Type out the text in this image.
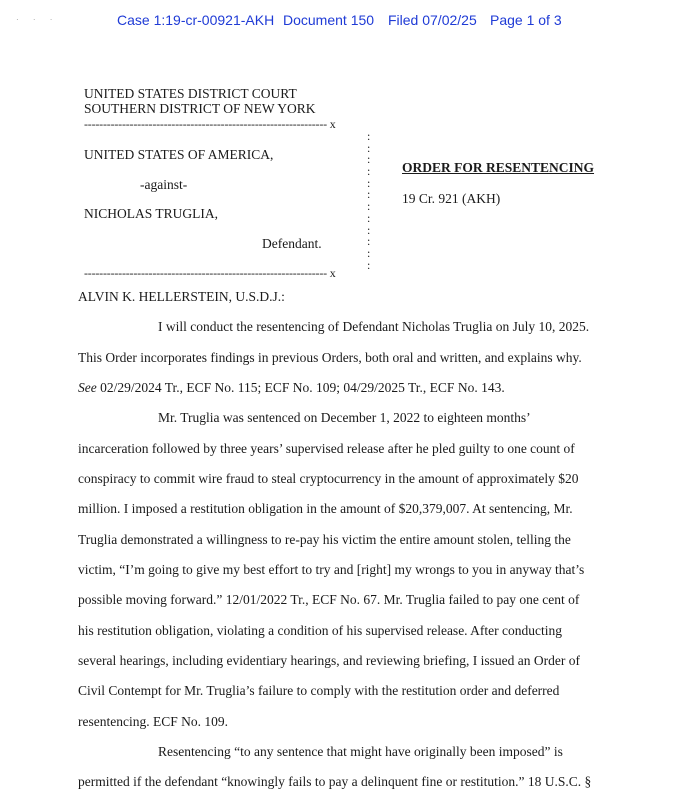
· · ·	Case 1:19-cr-00921-AKH Document 150 Filed 07/02/25 Page 1 of 3
UNITED STATES DISTRICT COURT
SOUTHERN DISTRICT OF NEW YORK
---------------------------------------------------------------- x
:
:
:
:
:
:
:
:
:
:
:
:
UNITED STATES OF AMERICA,
-against-
NICHOLAS TRUGLIA,
Defendant.
---------------------------------------------------------------- x
ORDER FOR RESENTENCING
19 Cr. 921 (AKH)
ALVIN K. HELLERSTEIN, U.S.D.J.:
I will conduct the resentencing of Defendant Nicholas Truglia on July 10, 2025.
This Order incorporates findings in previous Orders, both oral and written, and explains why.
See 02/29/2024 Tr., ECF No. 115; ECF No. 109; 04/29/2025 Tr., ECF No. 143.
Mr. Truglia was sentenced on December 1, 2022 to eighteen months’
incarceration followed by three years’ supervised release after he pled guilty to one count of
conspiracy to commit wire fraud to steal cryptocurrency in the amount of approximately $20
million. I imposed a restitution obligation in the amount of $20,379,007. At sentencing, Mr.
Truglia demonstrated a willingness to re-pay his victim the entire amount stolen, telling the
victim, “I’m going to give my best effort to try and [right] my wrongs to you in anyway that’s
possible moving forward.” 12/01/2022 Tr., ECF No. 67. Mr. Truglia failed to pay one cent of
his restitution obligation, violating a condition of his supervised release. After conducting
several hearings, including evidentiary hearings, and reviewing briefing, I issued an Order of
Civil Contempt for Mr. Truglia’s failure to comply with the restitution order and deferred
resentencing. ECF No. 109.
Resentencing “to any sentence that might have originally been imposed” is
permitted if the defendant “knowingly fails to pay a delinquent fine or restitution.” 18 U.S.C. §
